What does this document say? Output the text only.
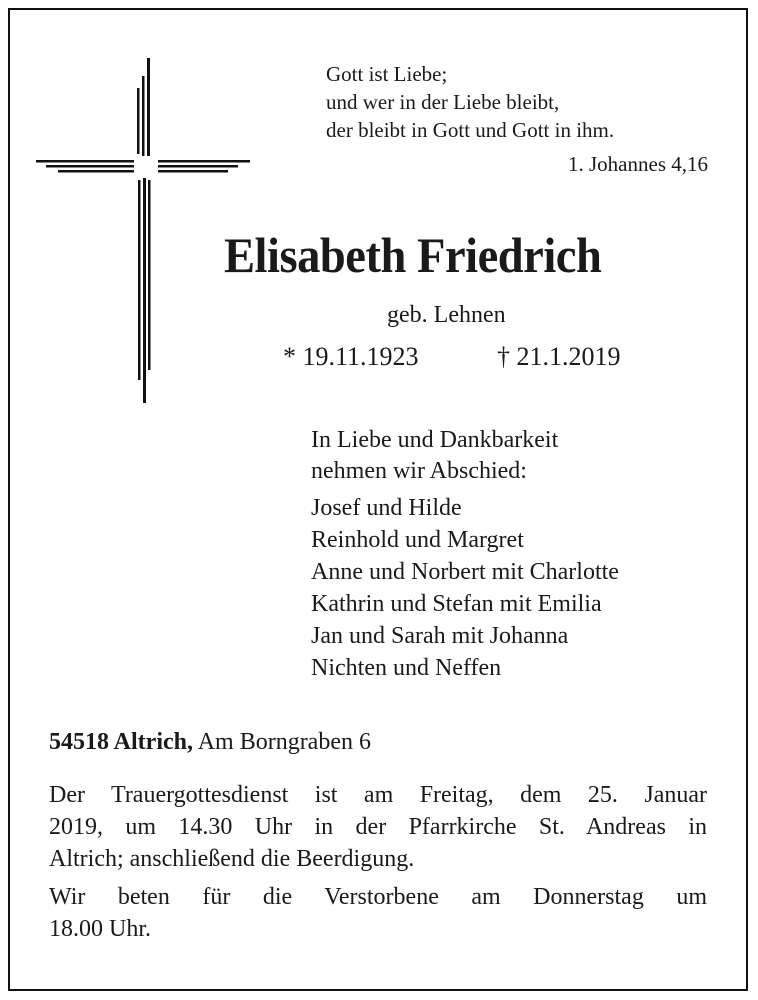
Gott ist Liebe;
und wer in der Liebe bleibt,
der bleibt in Gott und Gott in ihm.
1. Johannes 4,16
Elisabeth Friedrich
geb. Lehnen
* 19.11.1923	† 21.1.2019
In Liebe und Dankbarkeit
nehmen wir Abschied:
Josef und Hilde
Reinhold und Margret
Anne und Norbert mit Charlotte
Kathrin und Stefan mit Emilia
Jan und Sarah mit Johanna
Nichten und Neffen
54518 Altrich, Am Borngraben 6

Der Trauergottesdienst ist am Freitag, dem 25. Januar
2019, um 14.30 Uhr in der Pfarrkirche St. Andreas in
Altrich; anschließend die Beerdigung.

Wir beten für die Verstorbene am Donnerstag um
18.00 Uhr.
